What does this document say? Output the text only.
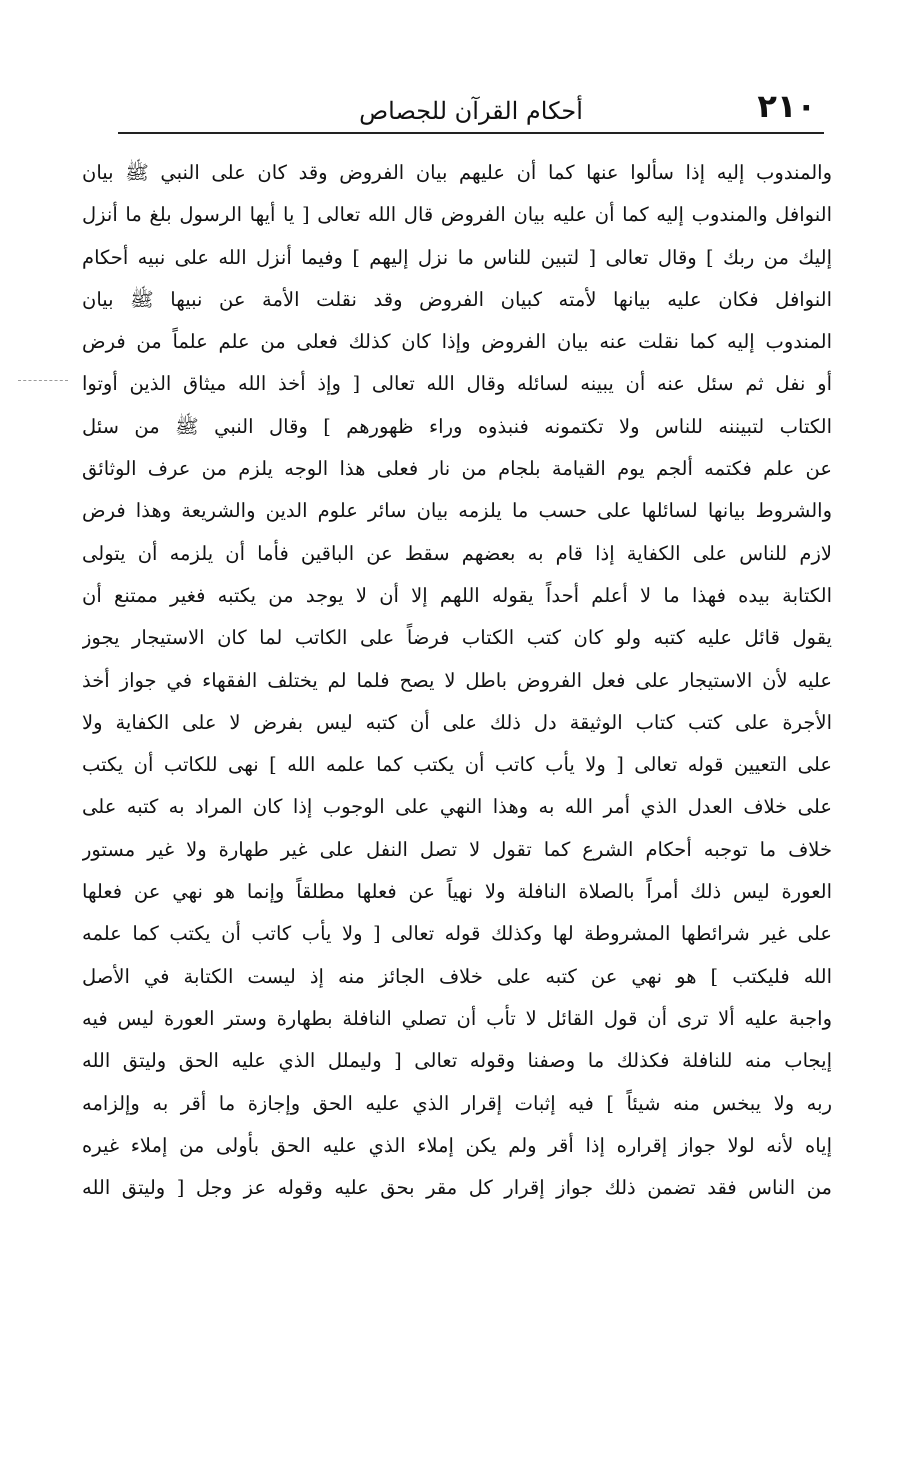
٢١٠
أحكام القرآن للجصاص
والمندوب إليه إذا سألوا عنها كما أن عليهم بيان الفروض وقد كان على النبي ﷺ بيان
النوافل والمندوب إليه كما أن عليه بيان الفروض قال الله تعالى [ يا أيها الرسول بلغ ما أنزل
إليك من ربك ] وقال تعالى [ لتبين للناس ما نزل إليهم ] وفيما أنزل الله على نبيه أحكام
النوافل فكان عليه بيانها لأمته كبيان الفروض وقد نقلت الأمة عن نبيها ﷺ بيان
المندوب إليه كما نقلت عنه بيان الفروض وإذا كان كذلك فعلى من علم علماً من فرض
أو نفل ثم سئل عنه أن يبينه لسائله وقال الله تعالى [ وإذ أخذ الله ميثاق الذين أوتوا
الكتاب لتبيننه للناس ولا تكتمونه فنبذوه وراء ظهورهم ] وقال النبي ﷺ من سئل
عن علم فكتمه ألجم يوم القيامة بلجام من نار فعلى هذا الوجه يلزم من عرف الوثائق
والشروط بيانها لسائلها على حسب ما يلزمه بيان سائر علوم الدين والشريعة وهذا فرض
لازم للناس على الكفاية إذا قام به بعضهم سقط عن الباقين فأما أن يلزمه أن يتولى
الكتابة بيده فهذا ما لا أعلم أحداً يقوله اللهم إلا أن لا يوجد من يكتبه فغير ممتنع أن
يقول قائل عليه كتبه ولو كان كتب الكتاب فرضاً على الكاتب لما كان الاستيجار يجوز
عليه لأن الاستيجار على فعل الفروض باطل لا يصح فلما لم يختلف الفقهاء في جواز أخذ
الأجرة على كتب كتاب الوثيقة دل ذلك على أن كتبه ليس بفرض لا على الكفاية ولا
على التعيين قوله تعالى [ ولا يأب كاتب أن يكتب كما علمه الله ] نهى للكاتب أن يكتب
على خلاف العدل الذي أمر الله به وهذا النهي على الوجوب إذا كان المراد به كتبه على
خلاف ما توجبه أحكام الشرع كما تقول لا تصل النفل على غير طهارة ولا غير مستور
العورة ليس ذلك أمراً بالصلاة النافلة ولا نهياً عن فعلها مطلقاً وإنما هو نهي عن فعلها
على غير شرائطها المشروطة لها وكذلك قوله تعالى [ ولا يأب كاتب أن يكتب كما علمه
الله فليكتب ] هو نهي عن كتبه على خلاف الجائز منه إذ ليست الكتابة في الأصل
واجبة عليه ألا ترى أن قول القائل لا تأب أن تصلي النافلة بطهارة وستر العورة ليس فيه
إيجاب منه للنافلة فكذلك ما وصفنا وقوله تعالى [ وليملل الذي عليه الحق وليتق الله
ربه ولا يبخس منه شيئاً ] فيه إثبات إقرار الذي عليه الحق وإجازة ما أقر به وإلزامه
إياه لأنه لولا جواز إقراره إذا أقر ولم يكن إملاء الذي عليه الحق بأولى من إملاء غيره
من الناس فقد تضمن ذلك جواز إقرار كل مقر بحق عليه وقوله عز وجل [ وليتق الله
